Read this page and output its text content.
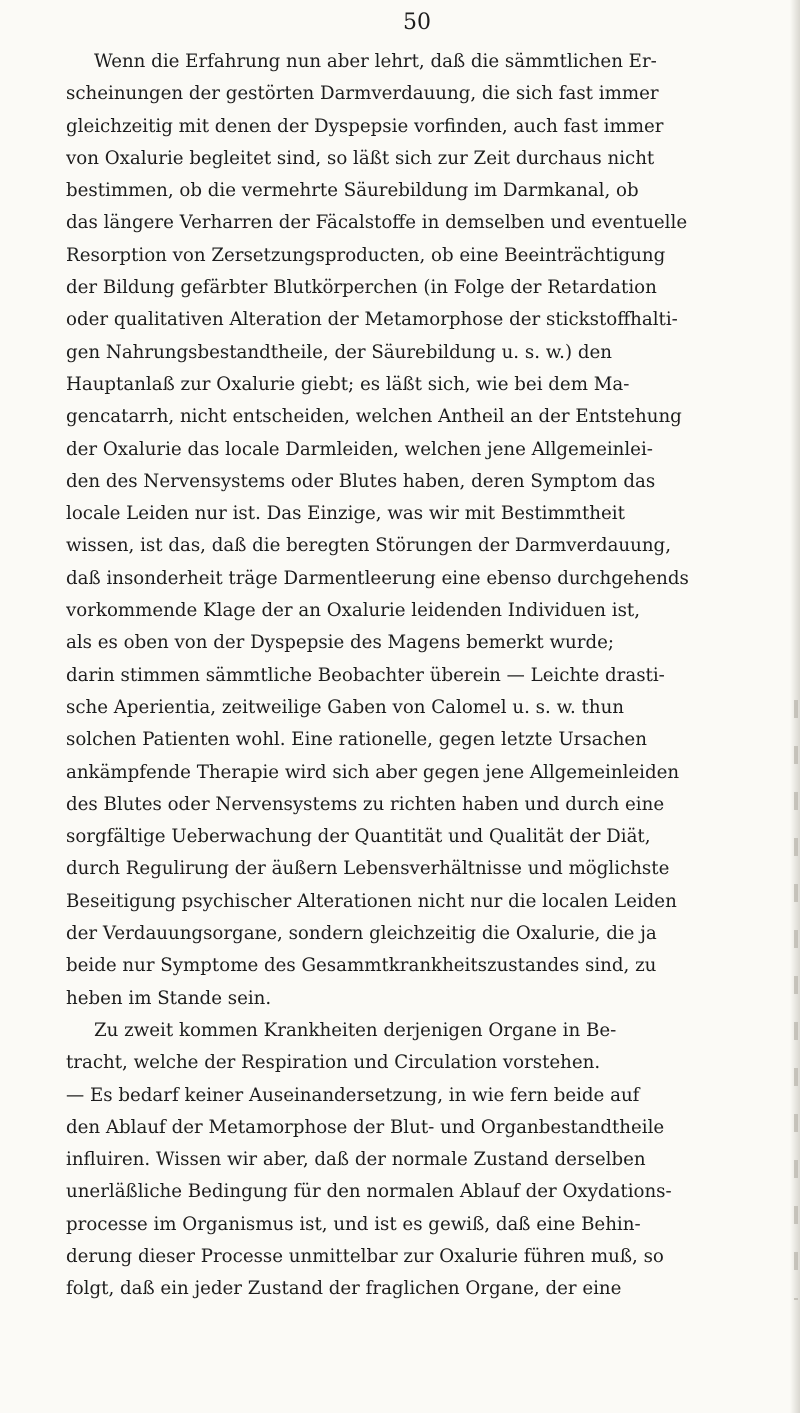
50
Wenn die Erfahrung nun aber lehrt, daß die sämmtlichen Er-
scheinungen der gestörten Darmverdauung, die sich fast immer
gleichzeitig mit denen der Dyspepsie vorfinden, auch fast immer
von Oxalurie begleitet sind, so läßt sich zur Zeit durchaus nicht
bestimmen, ob die vermehrte Säurebildung im Darmkanal, ob
das längere Verharren der Fäcalstoffe in demselben und eventuelle
Resorption von Zersetzungsproducten, ob eine Beeinträchtigung
der Bildung gefärbter Blutkörperchen (in Folge der Retardation
oder qualitativen Alteration der Metamorphose der stickstoffhalti-
gen Nahrungsbestandtheile, der Säurebildung u. s. w.) den
Hauptanlaß zur Oxalurie giebt; es läßt sich, wie bei dem Ma-
gencatarrh, nicht entscheiden, welchen Antheil an der Entstehung
der Oxalurie das locale Darmleiden, welchen jene Allgemeinlei-
den des Nervensystems oder Blutes haben, deren Symptom das
locale Leiden nur ist. Das Einzige, was wir mit Bestimmtheit
wissen, ist das, daß die beregten Störungen der Darmverdauung,
daß insonderheit träge Darmentleerung eine ebenso durchgehends
vorkommende Klage der an Oxalurie leidenden Individuen ist,
als es oben von der Dyspepsie des Magens bemerkt wurde;
darin stimmen sämmtliche Beobachter überein — Leichte drasti-
sche Aperientia, zeitweilige Gaben von Calomel u. s. w. thun
solchen Patienten wohl. Eine rationelle, gegen letzte Ursachen
ankämpfende Therapie wird sich aber gegen jene Allgemeinleiden
des Blutes oder Nervensystems zu richten haben und durch eine
sorgfältige Ueberwachung der Quantität und Qualität der Diät,
durch Regulirung der äußern Lebensverhältnisse und möglichste
Beseitigung psychischer Alterationen nicht nur die localen Leiden
der Verdauungsorgane, sondern gleichzeitig die Oxalurie, die ja
beide nur Symptome des Gesammtkrankheitszustandes sind, zu
heben im Stande sein.
Zu zweit kommen Krankheiten derjenigen Organe in Be-
tracht, welche der Respiration und Circulation vorstehen.
— Es bedarf keiner Auseinandersetzung, in wie fern beide auf
den Ablauf der Metamorphose der Blut- und Organbestandtheile
influiren. Wissen wir aber, daß der normale Zustand derselben
unerläßliche Bedingung für den normalen Ablauf der Oxydations-
processe im Organismus ist, und ist es gewiß, daß eine Behin-
derung dieser Processe unmittelbar zur Oxalurie führen muß, so
folgt, daß ein jeder Zustand der fraglichen Organe, der eine
